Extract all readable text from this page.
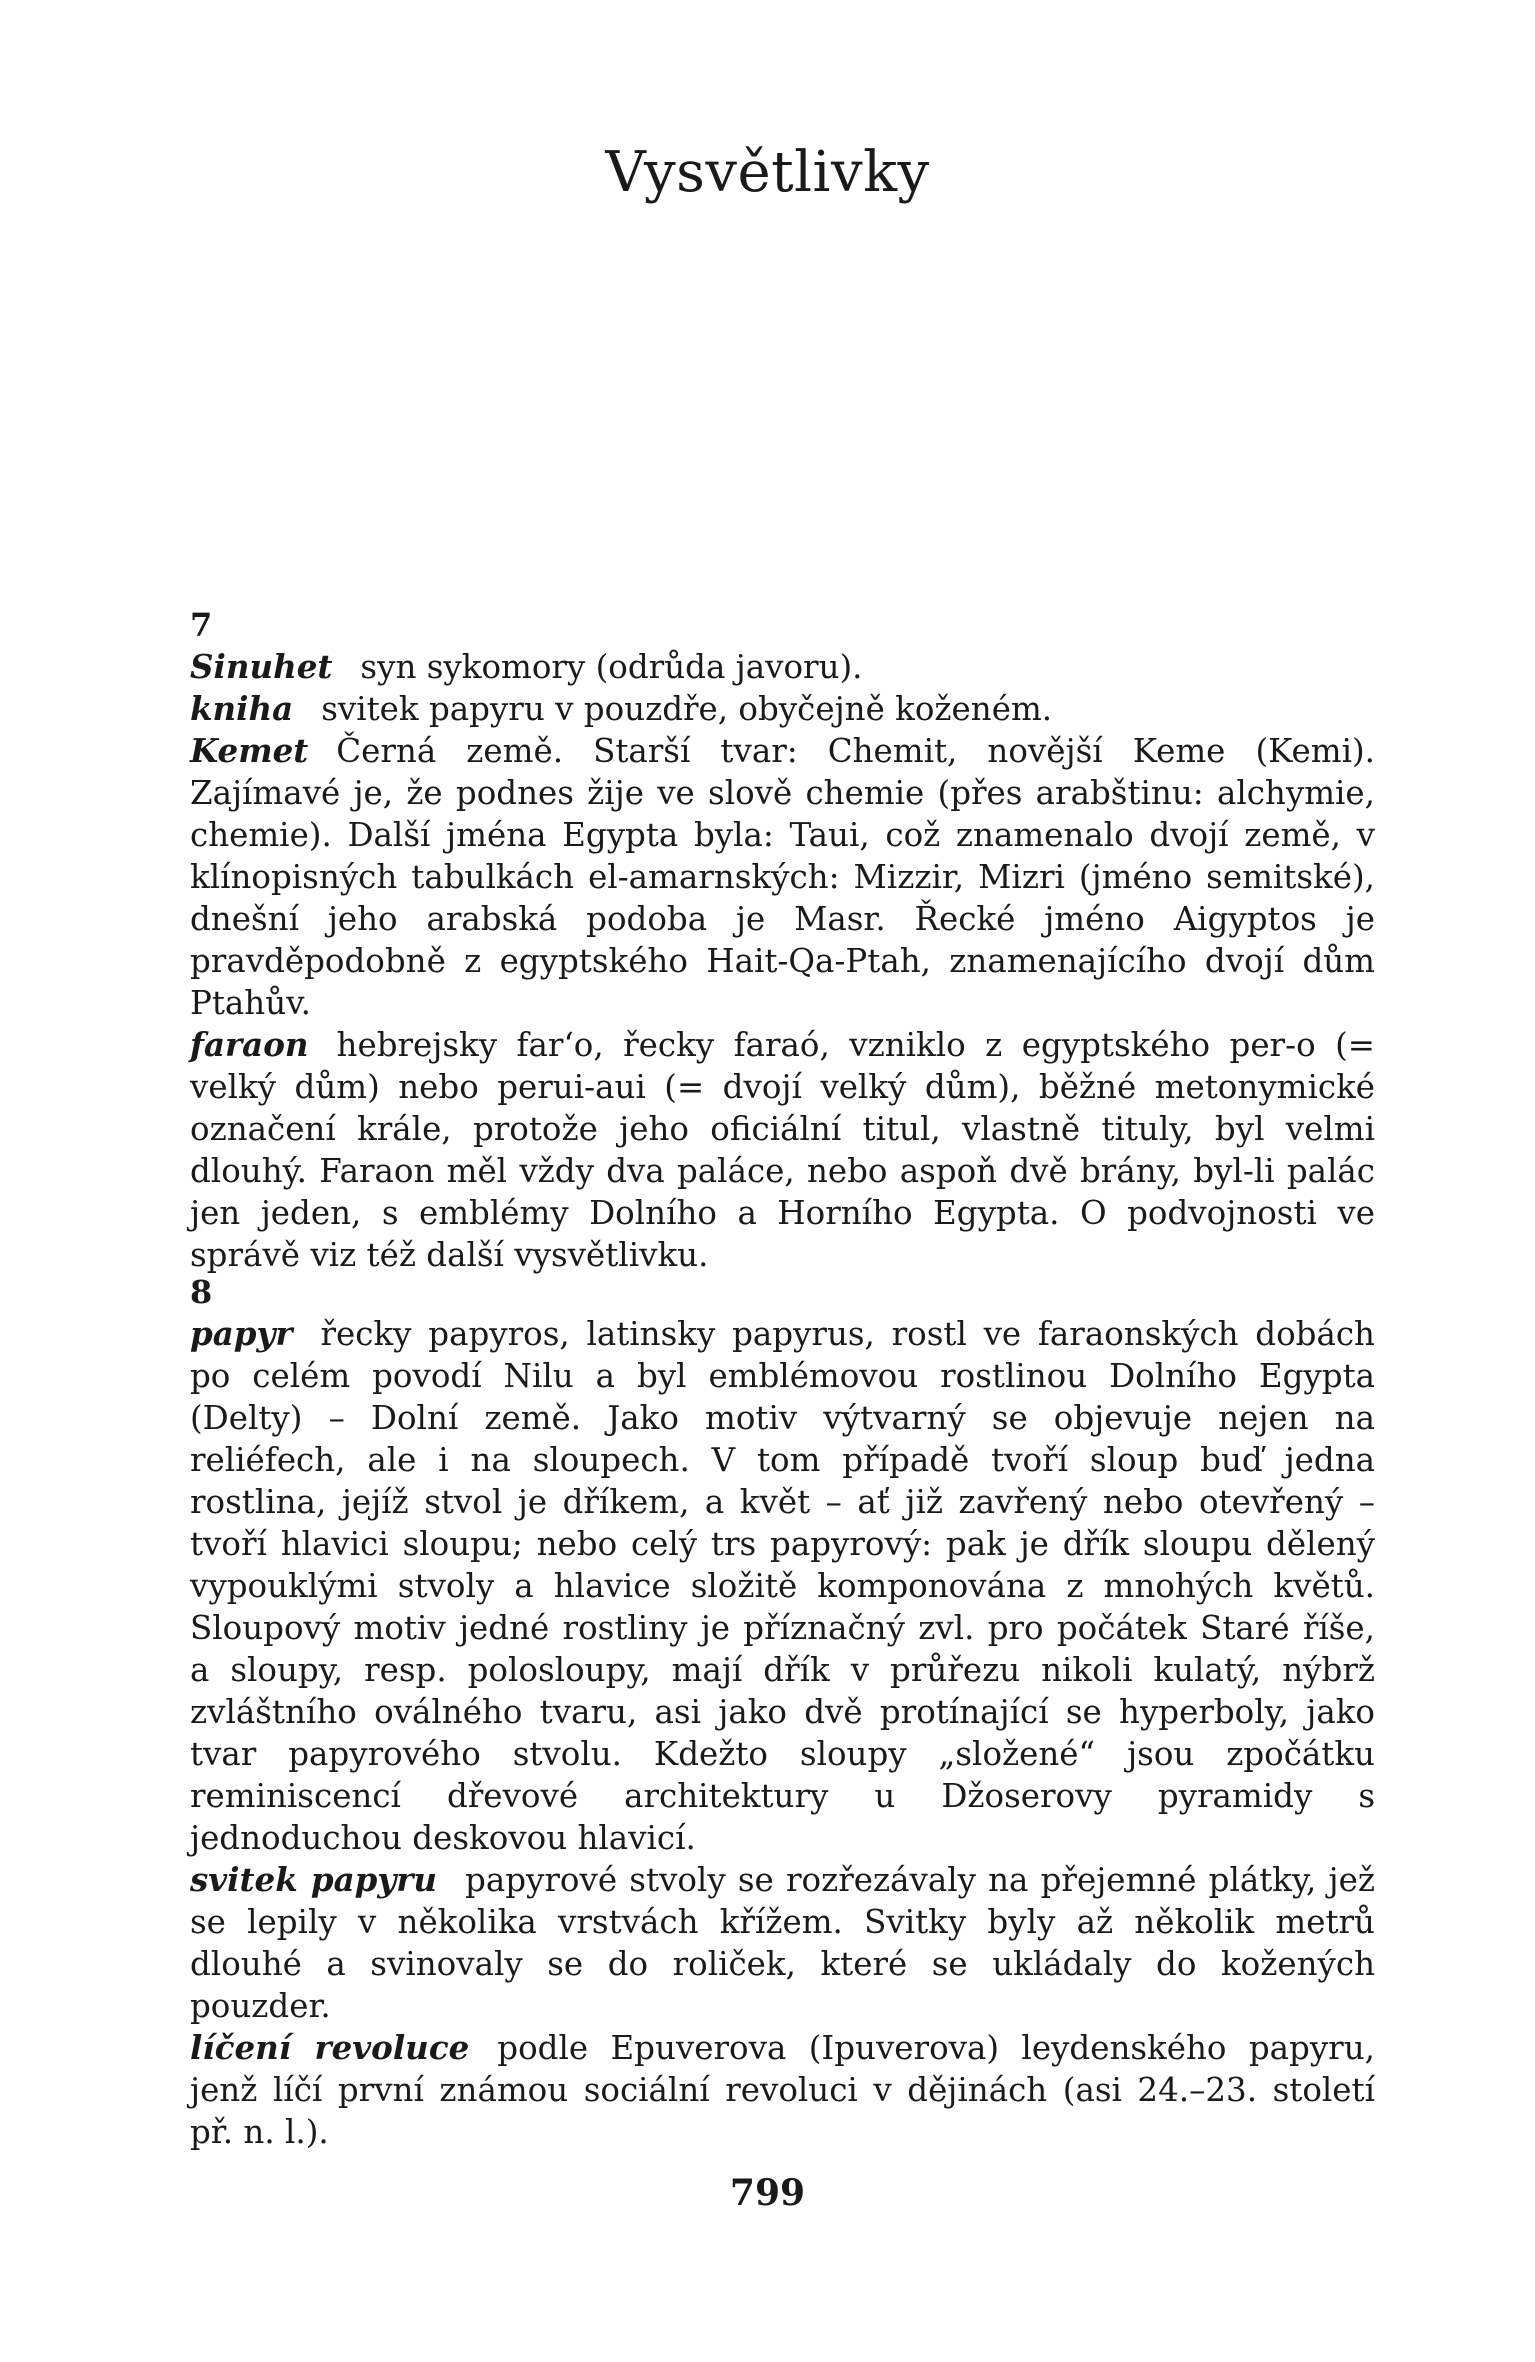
Vysvětlivky

7

Sinuhet syn sykomory (odrůda javoru).

kniha svitek papyru v pouzdře, obyčejně koženém.

Kemet Černá země. Starší tvar: Chemit, novější Keme (Kemi). Zajímavé je, že podnes žije ve slově chemie (přes arabštinu: alchymie, chemie). Další jména Egypta byla: Taui, což znamenalo dvojí země, v klínopisných tabulkách el-amarnských: Mizzir, Mizri (jméno semitské), dnešní jeho arabská podoba je Masr. Řecké jméno Aigyptos je pravděpodobně z egyptského Hait-Qa-Ptah, znamenajícího dvojí dům Ptahův.

faraon hebrejsky far‘o, řecky faraó, vzniklo z egyptského per-o (= velký dům) nebo perui-aui (= dvojí velký dům), běžné metonymické označení krále, protože jeho oficiální titul, vlastně tituly, byl velmi dlouhý. Faraon měl vždy dva paláce, nebo aspoň dvě brány, byl-li palác jen jeden, s emblémy Dolního a Horního Egypta. O podvojnosti ve správě viz též další vysvětlivku.

8

papyr řecky papyros, latinsky papyrus, rostl ve faraonských dobách po celém povodí Nilu a byl emblémovou rostlinou Dolního Egypta (Delty) – Dolní země. Jako motiv výtvarný se objevuje nejen na reliéfech, ale i na sloupech. V tom případě tvoří sloup buď jedna rostlina, jejíž stvol je dříkem, a květ – ať již zavřený nebo otevřený – tvoří hlavici sloupu; nebo celý trs papyrový: pak je dřík sloupu dělený vypouklými stvoly a hlavice složitě komponována z mnohých květů. Sloupový motiv jedné rostliny je příznačný zvl. pro počátek Staré říše, a sloupy, resp. polosloupy, mají dřík v průřezu nikoli kulatý, nýbrž zvláštního oválného tvaru, asi jako dvě protínající se hyperboly, jako tvar papyrového stvolu. Kdežto sloupy „složené“ jsou zpočátku reminiscencí dřevové architektury u Džoserovy pyramidy s jednoduchou deskovou hlavicí.

svitek papyru papyrové stvoly se rozřezávaly na přejemné plátky, jež se lepily v několika vrstvách křížem. Svitky byly až několik metrů dlouhé a svinovaly se do roliček, které se ukládaly do kožených pouzder.

líčení revoluce podle Epuverova (Ipuverova) leydenského papyru, jenž líčí první známou sociální revoluci v dějinách (asi 24.–23. století př. n. l.).

799
